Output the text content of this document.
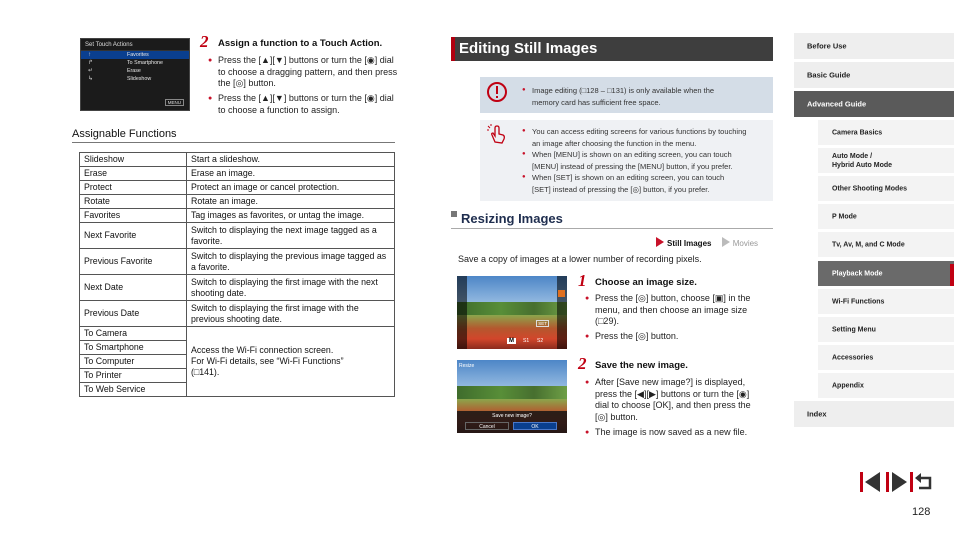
Set Touch Actions
↑	Favorites
↱	To Smartphone
↵	Erase
↳	Slideshow
MENU
2 Assign a function to a Touch Action.
● Press the [▲][▼] buttons or turn the [◉] dial to choose a dragging pattern, and then press the [◎] button.
● Press the [▲][▼] buttons or turn the [◉] dial to choose a function to assign.
Assignable Functions
Slideshow	Start a slideshow.
Erase	Erase an image.
Protect	Protect an image or cancel protection.
Rotate	Rotate an image.
Favorites	Tag images as favorites, or untag the image.
Next Favorite	Switch to displaying the next image tagged as a favorite.
Previous Favorite	Switch to displaying the previous image tagged as a favorite.
Next Date	Switch to displaying the first image with the next shooting date.
Previous Date	Switch to displaying the first image with the previous shooting date.
To Camera	Access the Wi-Fi connection screen.
For Wi-Fi details, see “Wi-Fi Functions”
(□141).

To Smartphone	
To Computer	
To Printer	
To Web Service	
Editing Still Images
● Image editing (□128 – □131) is only available when the
memory card has sufficient free space.
● You can access editing screens for various functions by touching
an image after choosing the function in the menu.
● When [MENU] is shown on an editing screen, you can touch
[MENU] instead of pressing the [MENU] button, if you prefer.
● When [SET] is shown on an editing screen, you can touch
[SET] instead of pressing the [◎] button, if you prefer.
Resizing Images
Still Images	Movies
Save a copy of images at a lower number of recording pixels.
SET
M	S1 S2
Resize
Save new image?
Cancel	OK
1 Choose an image size.
● Press the [◎] button, choose [▣] in the menu, and then choose an image size (□29).
● Press the [◎] button.
2 Save the new image.
● After [Save new image?] is displayed, press the [◀][▶] buttons or turn the [◉] dial to choose [OK], and then press the [◎] button.
● The image is now saved as a new file.
Before Use
Basic Guide
Advanced Guide
Camera Basics
Auto Mode /
Hybrid Auto Mode
Other Shooting Modes
P Mode
Tv, Av, M, and C Mode
Playback Mode
Wi-Fi Functions
Setting Menu
Accessories
Appendix
Index
128
